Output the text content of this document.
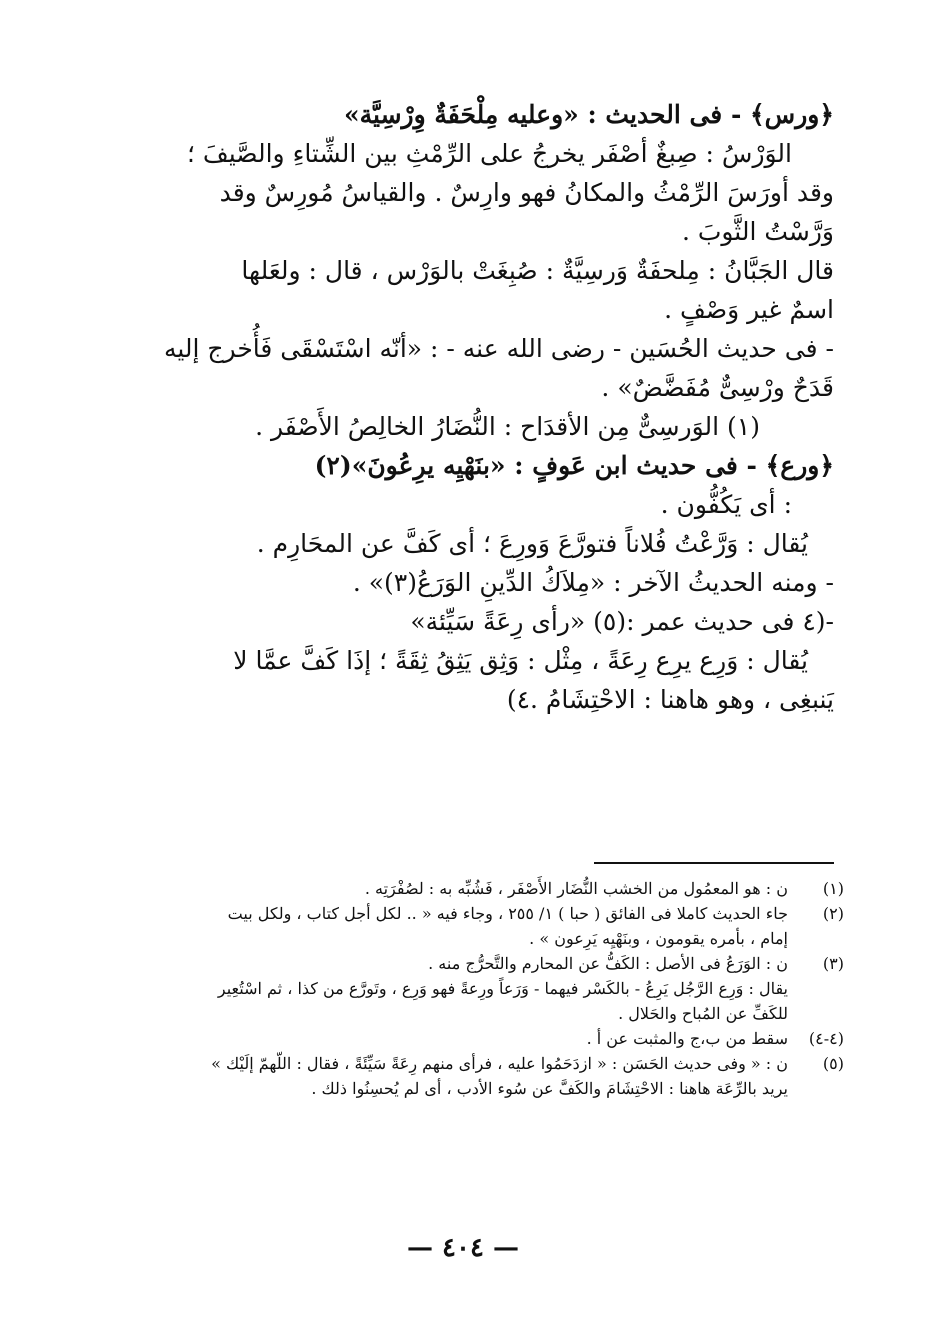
﴿ورس﴾ - فى الحديث : «وعليه مِلْحَفَةٌ وِرْسِيَّة»
الوَرْسُ : صِبغٌ أصْفَر يخرجُ على الرِّمْثِ بين الشِّتاءِ والصَّيفَ ؛
وقد أورَسَ الرِّمْثُ والمكانُ فهو وارِسٌ . والقياسُ مُورِسٌ وقد
وَرَّسْتُ الثَّوبَ .
قال الجَبَّانُ : مِلحفَةٌ وَرسِيَّةٌ : صُبِغَتْ بالوَرْس ، قال : ولعَلها
اسمٌ غير وَصْفٍ .
- فى حديث الحُسَين - رضى الله عنه - : «أنّه اسْتَسْقَى فَأُخرج إليه
قَدَحٌ ورْسِىٌّ مُفَضَّضٌ» .
(١) الوَرسِىٌّ مِن الأقدَاح : النُّضَارُ الخالِصُ الأَصْفَر .
﴿ورع﴾ - فى حديث ابن عَوفٍ : «بنَهْيِه يرِعُونَ»(٢)
: أى يَكُفُّون .
يُقال : وَرَّعْتُ فُلاناً فتورَّعَ وَورِعَ ؛ أى كَفَّ عن المحَارِم .
- ومنه الحديثُ الآخر : «مِلاَكُ الدِّينِ الوَرَعُ(٣)» .
-(٤ فى حديث عمر :(٥) «رأى رِعَةً سَيِّئة»
يُقال : وَرِع يرِع رِعَةً ، مِثْل : وَثِق يَثِقُ ثِقَةً ؛ إذَا كَفَّ عمَّا لا
يَنبغِى ، وهو هاهنا : الاحْتِشَامُ .٤)
(١)
ن : هو المعمُول من الخشب النُّضَار الأَصْفَر ، فَشُبِّه به : لصُفْرَتِه .
(٢)
جاء الحديث كاملا فى الفائق ( حبا ) ١/ ٢٥٥ ، وجاء فيه « .. لكل أجل كتاب ، ولكل بيت
إمام ، بأمره يقومون ، وبنَهْيِه يَرِعون » .
(٣)
ن : الوَرَعُ فى الأصل : الكَفُّ عن المحارم والتَّحرُّج منه .
يقال : وَرِع الرَّجُل يَرِعُ - بالكَسْر فيهما - وَرَعاً ورِعةً فهو وَرِع ، وتَورَّع من كذا ، ثم اسْتُعِير
للكَفِّ عن المُباح والحَلال .
(٤-٤)
سقط من ب،ج والمثبت عن أ .
(٥)
ن : « وفى حديث الحَسَن : « ازدَحَمُوا عليه ، فرأى منهم رِعَةً سَيِّئَةً ، فقال : اللّهمّ إلَيْك »
يريد بالرِّعَة هاهنا : الاحْتِشَامَ والكَفَّ عن سُوء الأدب ، أى لم يُحسِنُوا ذلك .
— ٤٠٤ —
